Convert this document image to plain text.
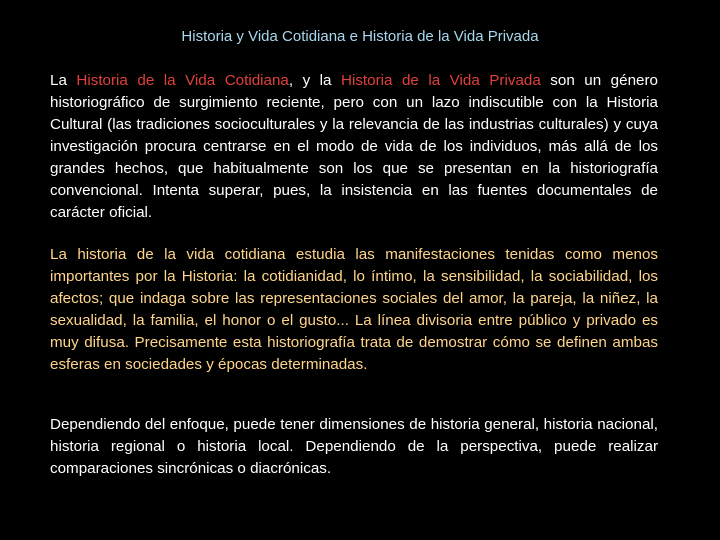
Historia y Vida Cotidiana e Historia de la Vida Privada

La Historia de la Vida Cotidiana, y la Historia de la Vida Privada son un género historiográfico de surgimiento reciente, pero con un lazo indiscutible con la Historia Cultural (las tradiciones socioculturales y la relevancia de las industrias culturales) y cuya investigación procura centrarse en el modo de vida de los individuos, más allá de los grandes hechos, que habitualmente son los que se presentan en la historiografía convencional. Intenta superar, pues, la insistencia en las fuentes documentales de carácter oficial.

La historia de la vida cotidiana estudia las manifestaciones tenidas como menos importantes por la Historia: la cotidianidad, lo íntimo, la sensibilidad, la sociabilidad, los afectos; que indaga sobre las representaciones sociales del amor, la pareja, la niñez, la sexualidad, la familia, el honor o el gusto... La línea divisoria entre público y privado es muy difusa. Precisamente esta historiografía trata de demostrar cómo se definen ambas esferas en sociedades y épocas determinadas.

Dependiendo del enfoque, puede tener dimensiones de historia general, historia nacional, historia regional o historia local. Dependiendo de la perspectiva, puede realizar comparaciones sincrónicas o diacrónicas.
